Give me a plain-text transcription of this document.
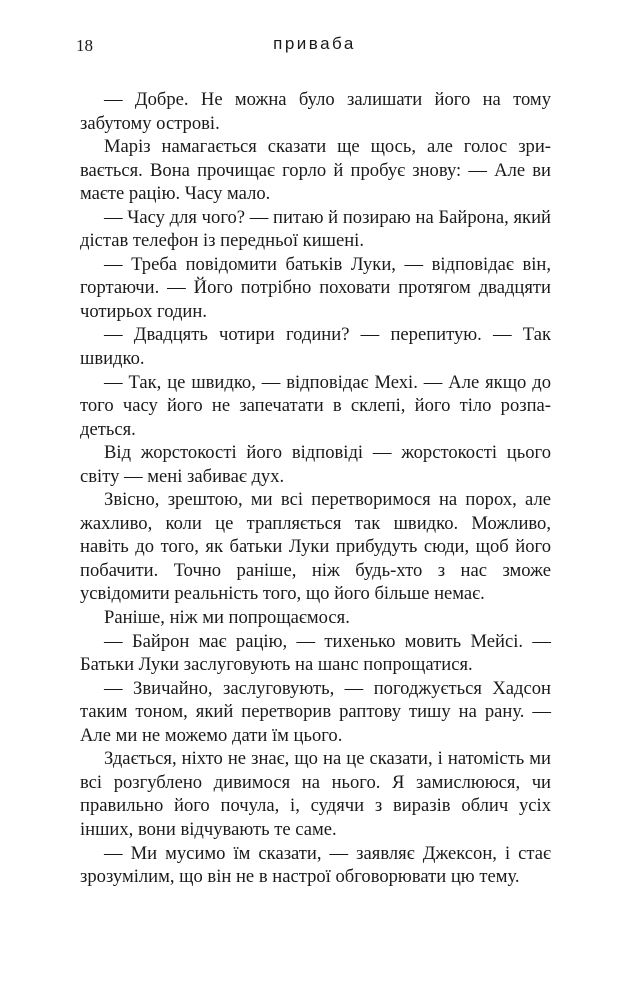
18	приваба

— Добре. Не можна було залишати його на тому забутому острові.

Маріз намагається сказати ще щось, але голос зривається. Вона прочищає горло й пробує знову: — Але ви маєте рацію. Часу мало.

— Часу для чого? — питаю й позираю на Байрона, який дістав телефон із передньої кишені.

— Треба повідомити батьків Луки, — відповідає він, гортаючи. — Його потрібно поховати протягом двадцяти чотирьох годин.

— Двадцять чотири години? — перепитую. — Так швидко.

— Так, це швидко, — відповідає Мехі. — Але якщо до того часу його не запечатати в склепі, його тіло розпадеться.

Від жорстокості його відповіді — жорстокості цього світу — мені забиває дух.

Звісно, зрештою, ми всі перетворимося на порох, але жахливо, коли це трапляється так швидко. Можливо, навіть до того, як батьки Луки прибудуть сюди, щоб його побачити. Точно раніше, ніж будь-хто з нас зможе усвідомити реальність того, що його більше немає.

Раніше, ніж ми попрощаємося.

— Байрон має рацію, — тихенько мовить Мейсі. — Батьки Луки заслуговують на шанс попрощатися.

— Звичайно, заслуговують, — погоджується Хадсон таким тоном, який перетворив раптову тишу на рану. — Але ми не можемо дати їм цього.

Здається, ніхто не знає, що на це сказати, і натомість ми всі розгублено дивимося на нього. Я замислююся, чи правильно його почула, і, судячи з виразів облич усіх інших, вони відчувають те саме.

— Ми мусимо їм сказати, — заявляє Джексон, і стає зрозумілим, що він не в настрої обговорювати цю тему.
